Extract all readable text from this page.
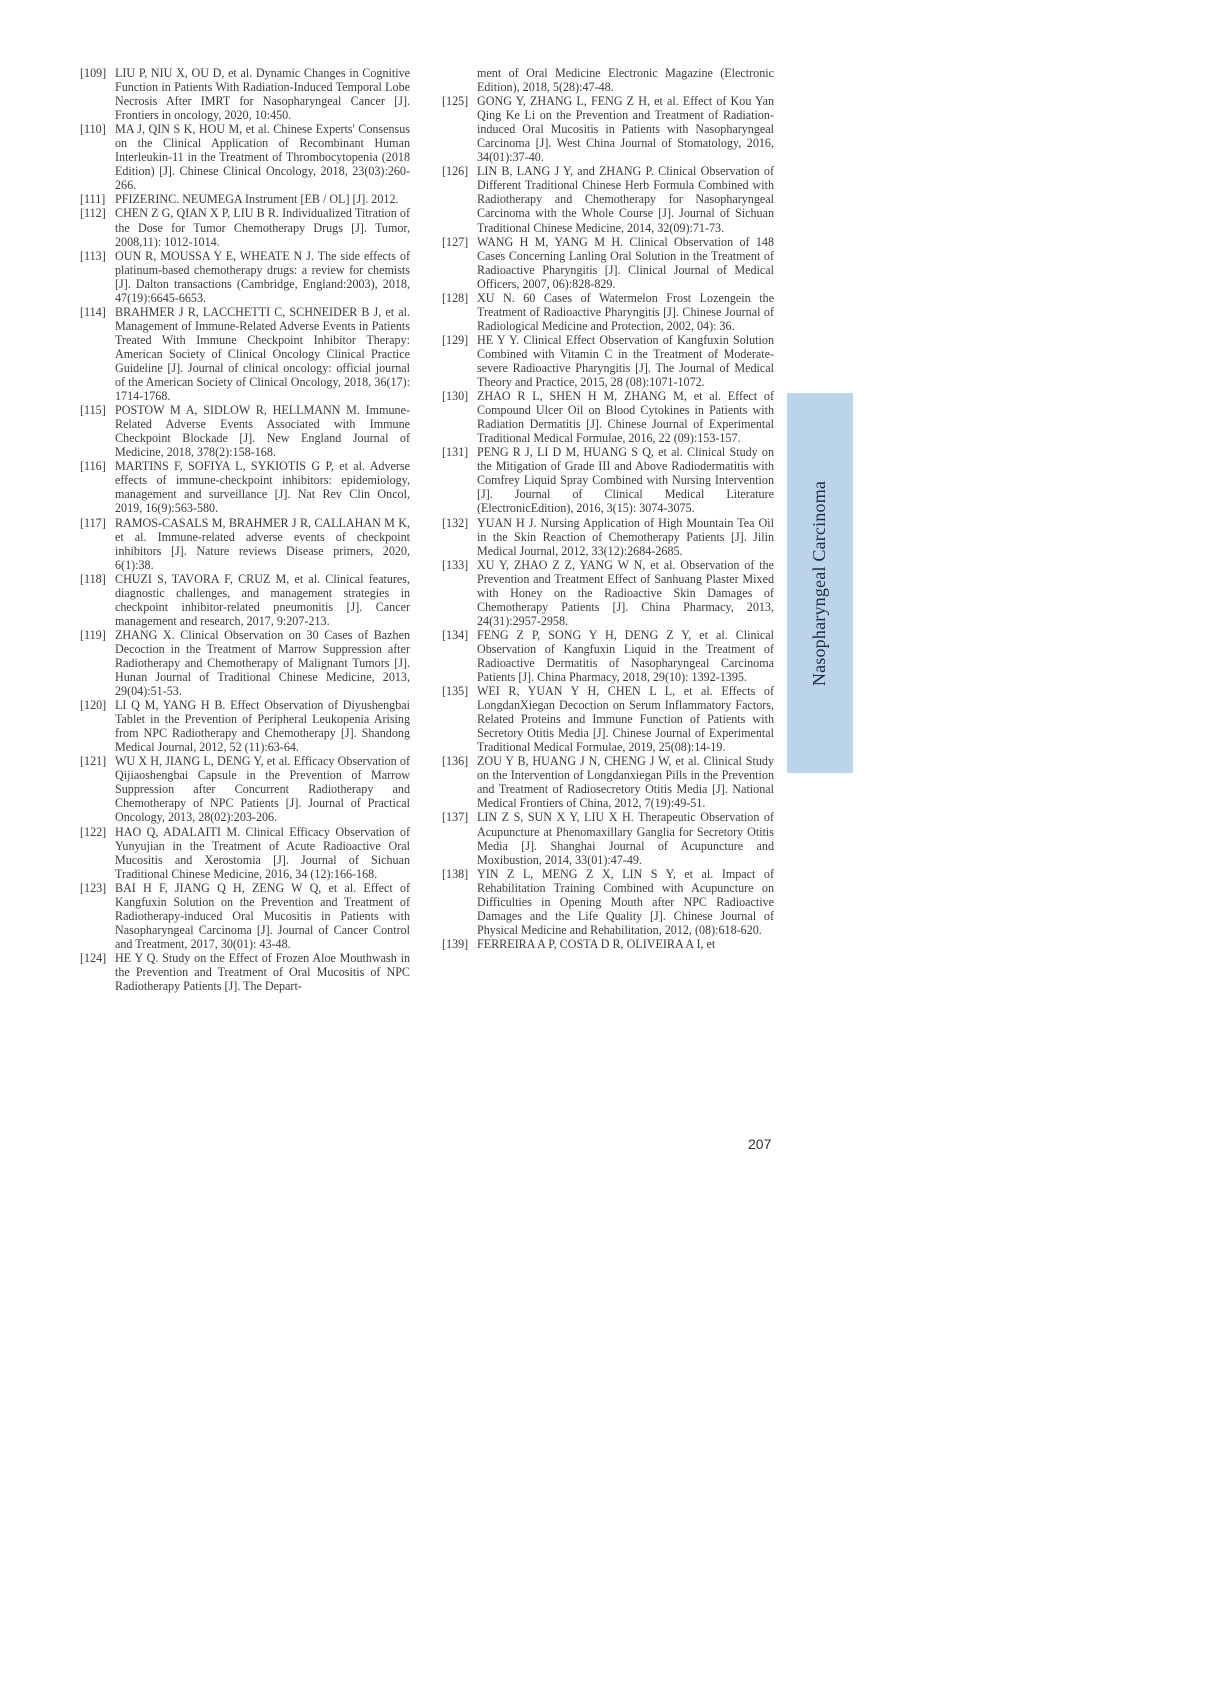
[109] LIU P, NIU X, OU D, et al. Dynamic Changes in Cognitive Function in Patients With Radiation-Induced Temporal Lobe Necrosis After IMRT for Nasopharyngeal Cancer [J]. Frontiers in oncology, 2020, 10:450.
[110] MA J, QIN S K, HOU M, et al. Chinese Experts' Consensus on the Clinical Application of Recombinant Human Interleukin-11 in the Treatment of Thrombocytopenia (2018 Edition) [J]. Chinese Clinical Oncology, 2018, 23(03):260-266.
[111] PFIZERINC. NEUMEGA Instrument [EB / OL] [J]. 2012.
[112] CHEN Z G, QIAN X P, LIU B R. Individualized Titration of the Dose for Tumor Chemotherapy Drugs [J]. Tumor, 2008,11): 1012-1014.
[113] OUN R, MOUSSA Y E, WHEATE N J. The side effects of platinum-based chemotherapy drugs: a review for chemists [J]. Dalton transactions (Cambridge, England:2003), 2018, 47(19):6645-6653.
[114] BRAHMER J R, LACCHETTI C, SCHNEIDER B J, et al. Management of Immune-Related Adverse Events in Patients Treated With Immune Checkpoint Inhibitor Therapy: American Society of Clinical Oncology Clinical Practice Guideline [J]. Journal of clinical oncology: official journal of the American Society of Clinical Oncology, 2018, 36(17): 1714-1768.
[115] POSTOW M A, SIDLOW R, HELLMANN M. Immune-Related Adverse Events Associated with Immune Checkpoint Blockade [J]. New England Journal of Medicine, 2018, 378(2):158-168.
[116] MARTINS F, SOFIYA L, SYKIOTIS G P, et al. Adverse effects of immune-checkpoint inhibitors: epidemiology, management and surveillance [J]. Nat Rev Clin Oncol, 2019, 16(9):563-580.
[117] RAMOS-CASALS M, BRAHMER J R, CALLAHAN M K, et al. Immune-related adverse events of checkpoint inhibitors [J]. Nature reviews Disease primers, 2020, 6(1):38.
[118] CHUZI S, TAVORA F, CRUZ M, et al. Clinical features, diagnostic challenges, and management strategies in checkpoint inhibitor-related pneumonitis [J]. Cancer management and research, 2017, 9:207-213.
[119] ZHANG X. Clinical Observation on 30 Cases of Bazhen Decoction in the Treatment of Marrow Suppression after Radiotherapy and Chemotherapy of Malignant Tumors [J]. Hunan Journal of Traditional Chinese Medicine, 2013, 29(04):51-53.
[120] LI Q M, YANG H B. Effect Observation of Diyushengbai Tablet in the Prevention of Peripheral Leukopenia Arising from NPC Radiotherapy and Chemotherapy [J]. Shandong Medical Journal, 2012, 52 (11):63-64.
[121] WU X H, JIANG L, DENG Y, et al. Efficacy Observation of Qijiaoshengbai Capsule in the Prevention of Marrow Suppression after Concurrent Radiotherapy and Chemotherapy of NPC Patients [J]. Journal of Practical Oncology, 2013, 28(02):203-206.
[122] HAO Q, ADALAITI M. Clinical Efficacy Observation of Yunyujian in the Treatment of Acute Radioactive Oral Mucositis and Xerostomia [J]. Journal of Sichuan Traditional Chinese Medicine, 2016, 34 (12):166-168.
[123] BAI H F, JIANG Q H, ZENG W Q, et al. Effect of Kangfuxin Solution on the Prevention and Treatment of Radiotherapy-induced Oral Mucositis in Patients with Nasopharyngeal Carcinoma [J]. Journal of Cancer Control and Treatment, 2017, 30(01): 43-48.
[124] HE Y Q. Study on the Effect of Frozen Aloe Mouthwash in the Prevention and Treatment of Oral Mucositis of NPC Radiotherapy Patients [J]. The Depart-
ment of Oral Medicine Electronic Magazine (Electronic Edition), 2018, 5(28):47-48.
[125] GONG Y, ZHANG L, FENG Z H, et al. Effect of Kou Yan Qing Ke Li on the Prevention and Treatment of Radiation-induced Oral Mucositis in Patients with Nasopharyngeal Carcinoma [J]. West China Journal of Stomatology, 2016, 34(01):37-40.
[126] LIN B, LANG J Y, and ZHANG P. Clinical Observation of Different Traditional Chinese Herb Formula Combined with Radiotherapy and Chemotherapy for Nasopharyngeal Carcinoma with the Whole Course [J]. Journal of Sichuan Traditional Chinese Medicine, 2014, 32(09):71-73.
[127] WANG H M, YANG M H. Clinical Observation of 148 Cases Concerning Lanling Oral Solution in the Treatment of Radioactive Pharyngitis [J]. Clinical Journal of Medical Officers, 2007, 06):828-829.
[128] XU N. 60 Cases of Watermelon Frost Lozengein the Treatment of Radioactive Pharyngitis [J]. Chinese Journal of Radiological Medicine and Protection, 2002, 04): 36.
[129] HE Y Y. Clinical Effect Observation of Kangfuxin Solution Combined with Vitamin C in the Treatment of Moderate-severe Radioactive Pharyngitis [J]. The Journal of Medical Theory and Practice, 2015, 28 (08):1071-1072.
[130] ZHAO R L, SHEN H M, ZHANG M, et al. Effect of Compound Ulcer Oil on Blood Cytokines in Patients with Radiation Dermatitis [J]. Chinese Journal of Experimental Traditional Medical Formulae, 2016, 22 (09):153-157.
[131] PENG R J, LI D M, HUANG S Q, et al. Clinical Study on the Mitigation of Grade III and Above Radiodermatitis with Comfrey Liquid Spray Combined with Nursing Intervention [J]. Journal of Clinical Medical Literature (ElectronicEdition), 2016, 3(15): 3074-3075.
[132] YUAN H J. Nursing Application of High Mountain Tea Oil in the Skin Reaction of Chemotherapy Patients [J]. Jilin Medical Journal, 2012, 33(12):2684-2685.
[133] XU Y, ZHAO Z Z, YANG W N, et al. Observation of the Prevention and Treatment Effect of Sanhuang Plaster Mixed with Honey on the Radioactive Skin Damages of Chemotherapy Patients [J]. China Pharmacy, 2013, 24(31):2957-2958.
[134] FENG Z P, SONG Y H, DENG Z Y, et al. Clinical Observation of Kangfuxin Liquid in the Treatment of Radioactive Dermatitis of Nasopharyngeal Carcinoma Patients [J]. China Pharmacy, 2018, 29(10): 1392-1395.
[135] WEI R, YUAN Y H, CHEN L L, et al. Effects of LongdanXiegan Decoction on Serum Inflammatory Factors, Related Proteins and Immune Function of Patients with Secretory Otitis Media [J]. Chinese Journal of Experimental Traditional Medical Formulae, 2019, 25(08):14-19.
[136] ZOU Y B, HUANG J N, CHENG J W, et al. Clinical Study on the Intervention of Longdanxiegan Pills in the Prevention and Treatment of Radiosecretory Otitis Media [J]. National Medical Frontiers of China, 2012, 7(19):49-51.
[137] LIN Z S, SUN X Y, LIU X H. Therapeutic Observation of Acupuncture at Phenomaxillary Ganglia for Secretory Otitis Media [J]. Shanghai Journal of Acupuncture and Moxibustion, 2014, 33(01):47-49.
[138] YIN Z L, MENG Z X, LIN S Y, et al. Impact of Rehabilitation Training Combined with Acupuncture on Difficulties in Opening Mouth after NPC Radioactive Damages and the Life Quality [J]. Chinese Journal of Physical Medicine and Rehabilitation, 2012, (08):618-620.
[139] FERREIRA A P, COSTA D R, OLIVEIRA A I, et
Nasopharyngeal Carcinoma
207
